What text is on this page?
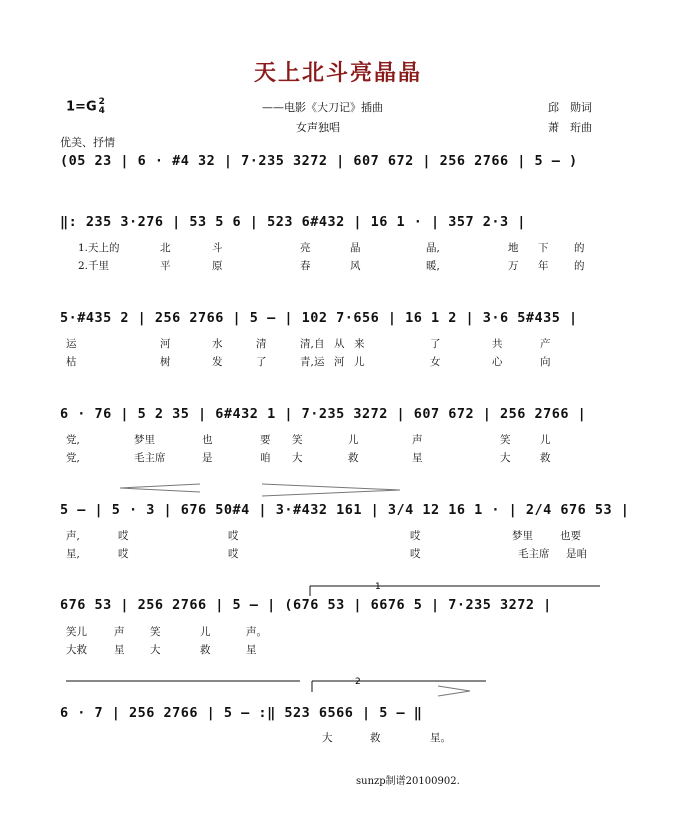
天上北斗亮晶晶
1=G 2
4	——电影《大刀记》插曲
女声独唱
邱　勋词
萧　珩曲
优美、抒情
(05 23 | 6 · #4 32 | 7·235 3272 | 607 672 | 256 2766 | 5 – )
‖: 235 3·276 | 53 5 6 | 523 6#432 | 16 1 · | 357 2·3 |
1.天上的	北	斗	亮	晶	晶,	地 下 的
2.千里	平	原	春	风	暖,	万 年 的
5·#435 2 | 256 2766 | 5 – | 102 7·656 | 16 1 2 | 3·6 5#435 |
运	河	水	清	清, 自 从 来	了	共	产
枯	树	发	了	青, 运 河 儿	女	心	向
6 · 76 | 5 2 35 | 6#432 1 | 7·235 3272 | 607 672 | 256 2766 |
党,	梦里	也	要 笑	儿	声	笑	儿
党,	毛主席	是	咱 大	救	星	大	救
5 – | 5 · 3 | 676 50#4 | 3·#432 161 | 3/4 12 16 1 · | 2/4 676 53 |
声,	哎	哎	哎	梦里	也要
星,	哎	哎	哎	毛主席 是咱
676 53 | 256 2766 | 5 – | (676 53 | 6676 5 | 7·235 3272 |
笑儿	声 笑	儿	声。
大救	星 大	救	星
6 · 7 | 256 2766 | 5 – :‖ 523 6566 | 5 – ‖
大	救	星。
1
2
sunzp制谱20100902.
